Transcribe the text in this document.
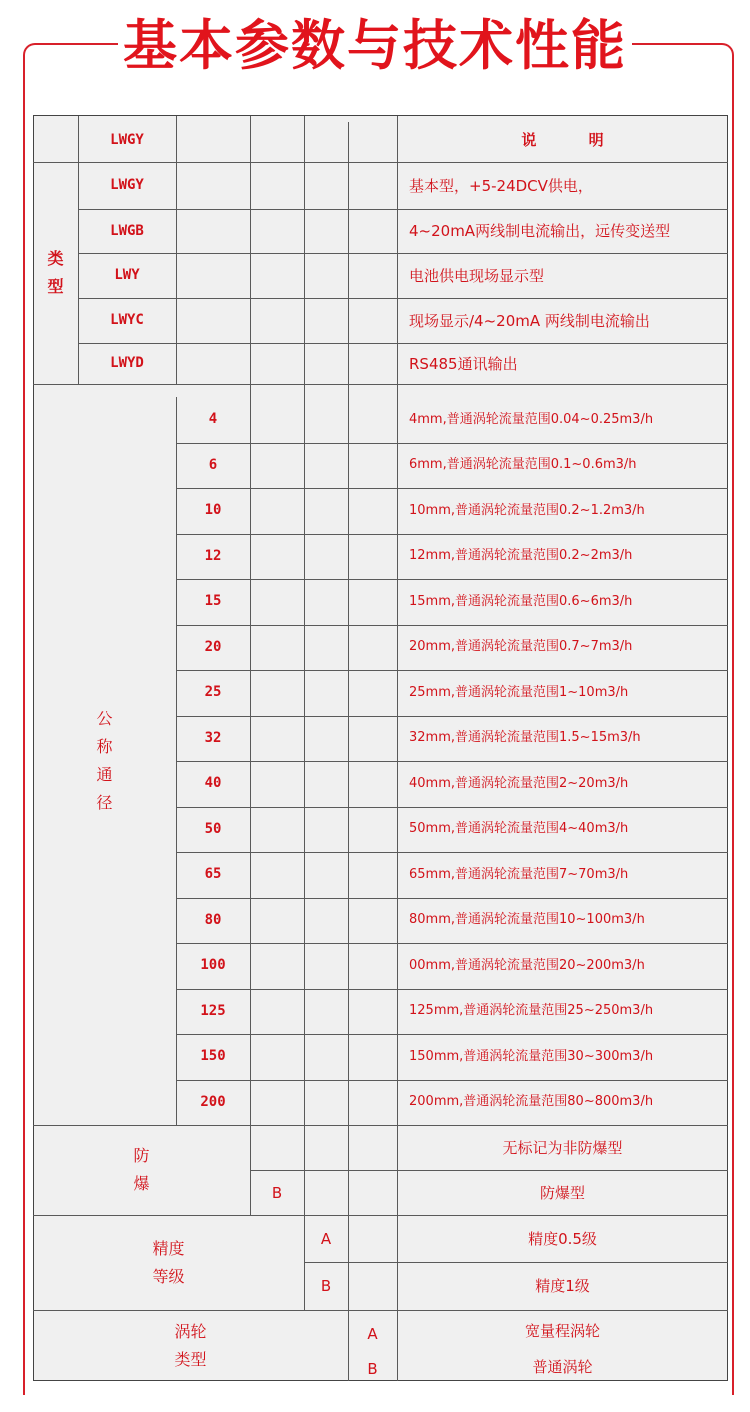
基本参数与技术性能
LWGY	说          明
LWGY	基本型，+5-24DCV供电，
LWGB	4~20mA两线制电流输出，远传变送型
LWY	电池供电现场显示型
LWYC	现场显示/4~20mA 两线制电流输出
LWYD	RS485通讯输出
类
型
4	4mm,普通涡轮流量范围0.04~0.25m3/h
6	6mm,普通涡轮流量范围0.1~0.6m3/h
10	10mm,普通涡轮流量范围0.2~1.2m3/h
12	12mm,普通涡轮流量范围0.2~2m3/h
15	15mm,普通涡轮流量范围0.6~6m3/h
20	20mm,普通涡轮流量范围0.7~7m3/h
25	25mm,普通涡轮流量范围1~10m3/h
32	32mm,普通涡轮流量范围1.5~15m3/h
40	40mm,普通涡轮流量范围2~20m3/h
50	50mm,普通涡轮流量范围4~40m3/h
65	65mm,普通涡轮流量范围7~70m3/h
80	80mm,普通涡轮流量范围10~100m3/h
100	00mm,普通涡轮流量范围20~200m3/h
125	125mm,普通涡轮流量范围25~250m3/h
150	150mm,普通涡轮流量范围30~300m3/h
200	200mm,普通涡轮流量范围80~800m3/h
公
称
通
径
防
爆
无标记为非防爆型
B	防爆型
精度
等级
A	精度0.5级
B	精度1级
涡轮
类型
A	宽量程涡轮
B	普通涡轮
